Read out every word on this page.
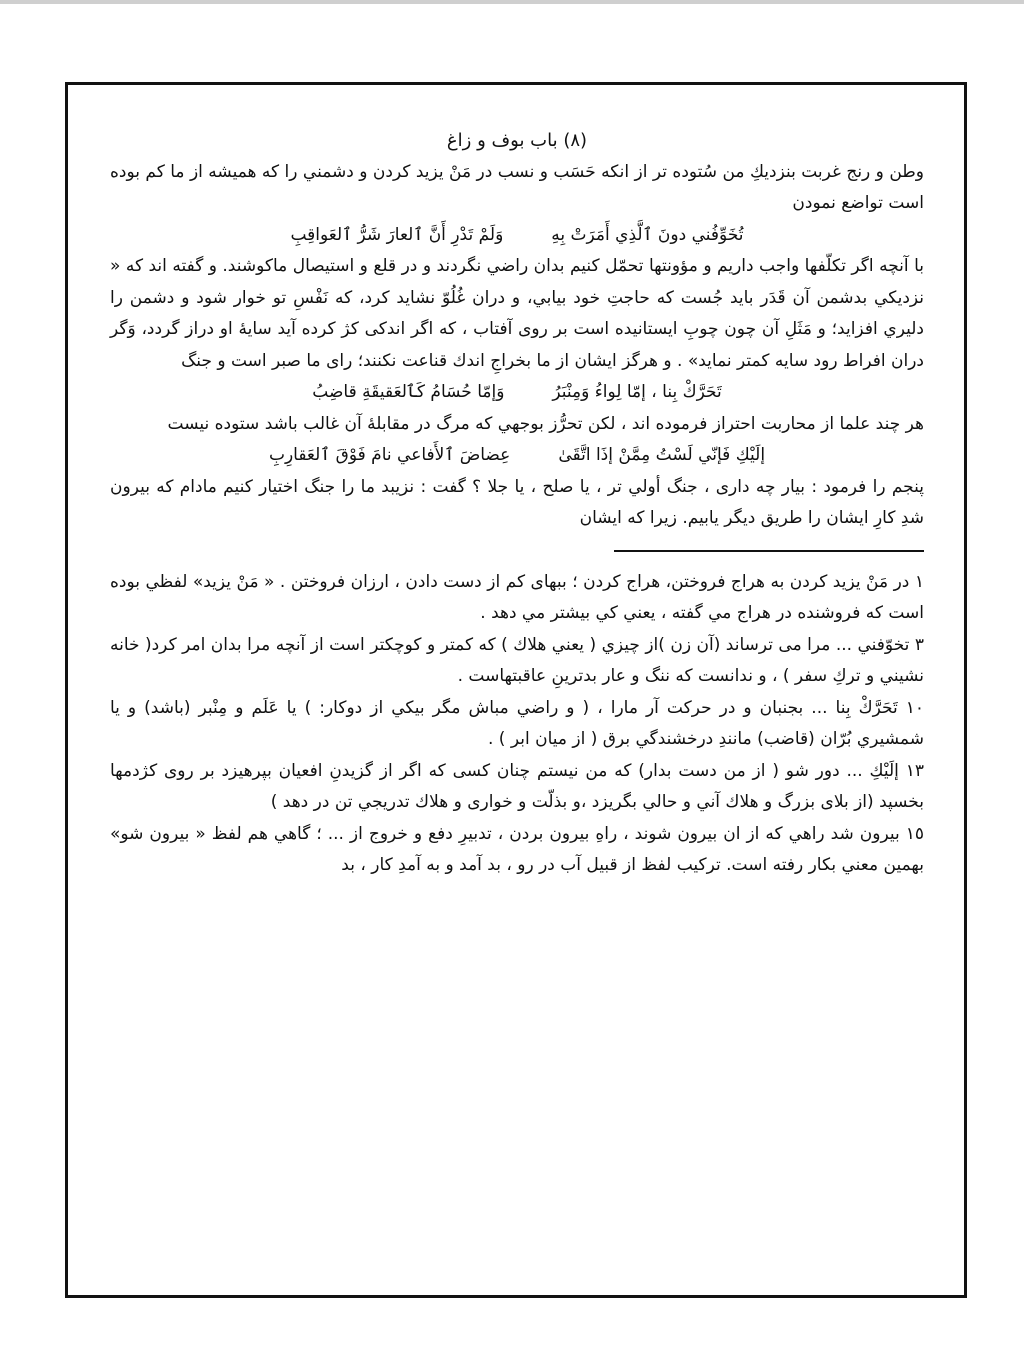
(٨) باب بوف و زاغ

وطن و رنج غربت بنزديكِ من سُتوده تر از انكه حَسَب و نسب در مَنْ يزيد كردن و دشمني را كه هميشه از ما كم بوده است تواضع نمودن

تُخَوِّفُني دونَ ٱلَّذِي أَمَرَتْ بِهِ
وَلَمْ تَدْرِ أَنَّ ٱلعارَ شَرُّ ٱلعَواقِبِ

با آنچه اگر تكلّفها واجب داريم و مؤونتها تحمّل كنيم بدان راضي نگردند و در قلع و استيصال ماكوشند. و گفته اند كه « نزديكي بدشمن آن قَدَر بايد جُست كه حاجتِ خود بيابي، و دران غُلُوّ نشايد كرد، كه نَفْسِ تو خوار شود و دشمن را دليري افزايد؛ و مَثَلِ آن چون چوبِ ايستانيده است بر روى آفتاب ، كه اگر اندكى كژ كرده آيد سايهٔ او دراز گردد، وَگر دران افراط رود سايه كمتر نمايد» . و هرگز ايشان از ما بخراجِ اندك قناعت نكنند؛ راى ما صبر است و جنگ

تَحَرَّكْ بِنا ، إمّا لِواءُ وَمِنْبَرُ
وَإمّا حُسَامُ كَٱلعَقيقَةِ قاضِبُ

هر چند علما از محاربت احتراز فرموده اند ، لكن تحرُّز بوجهي كه مرگ در مقابلهٔ آن غالب باشد ستوده نيست

إلَيْكِ فَإنّي لَسْتُ مِمَّنْ إذَا اتَّقَىٰ
عِضاضَ ٱلأَفاعي نامَ فَوْقَ ٱلعَقارِبِ

پنجم را فرمود : بيار چه دارى ، جنگ أولي تر ، يا صلح ، يا جلا ؟ گفت : نزيبد ما را جنگ اختيار كنيم مادام كه بيرون شدِ كارِ ايشان را طريق ديگر يابيم. زيرا كه ايشان

١ در مَنْ يزيد كردن به هراج فروختن، هراج كردن ؛ ببهاى كم از دست دادن ، ارزان فروختن . « مَنْ يزيد» لفظي بوده است كه فروشنده در هراج مي گفته ، يعني كي بيشتر مي دهد .

٣ تخوّفني ... مرا مى ترساند (آن زن )از چيزي ( يعني هلاك ) كه كمتر و كوچكتر است از آنچه مرا بدان امر كرد( خانه نشيني و تركِ سفر ) ، و ندانست كه ننگ و عار بدترينِ عاقبتهاست .

١٠ تَحَرَّكْ بِنا ... بجنبان و در حركت آر مارا ، ( و راضي مباش مگر بيكي از دوكار: ) يا عَلَم و مِنْبر (باشد) و يا شمشيري بُرّان (قاضب) مانندِ درخشندگي برق ( از ميان ابر ) .

١٣ إلَيْكِ ... دور شو ( از من دست بدار) كه من نيستم چنان كسى كه اگر از گزيدنِ افعيان بپرهيزد بر روى كژدمها بخسپد (از بلاى بزرگ و هلاك آني و حالي بگريزد ،و بذلّت و خوارى و هلاك تدريجي تن در دهد )

١٥ بيرون شد راهي كه از ان بيرون شوند ، راهِ بيرون بردن ، تدبيرِ دفع و خروج از ... ؛ گاهي هم لفظ « بيرون شو» بهمين معني بكار رفته است. تركيب لفظ از قبيل آب در رو ، بد آمد و به آمدِ كار ، بد
